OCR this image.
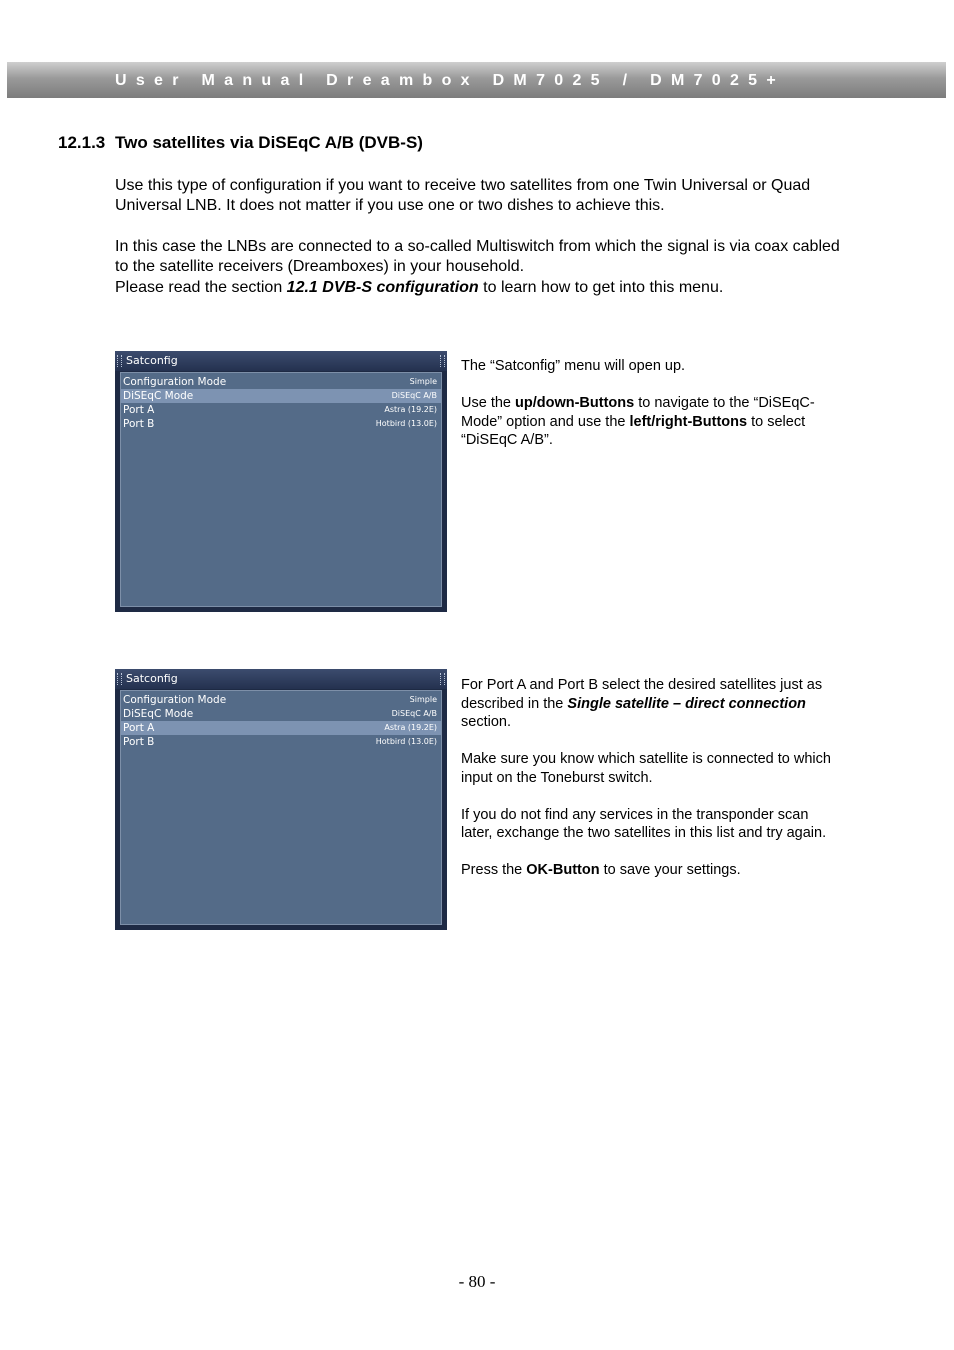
User Manual Dreambox DM7025 / DM7025+
12.1.3 Two satellites via DiSEqC A/B (DVB-S)

Use this type of configuration if you want to receive two satellites from one Twin Universal or Quad Universal LNB. It does not matter if you use one or two dishes to achieve this.

In this case the LNBs are connected to a so-called Multiswitch from which the signal is via coax cabled to the satellite receivers (Dreamboxes) in your household.

Please read the section 12.1 DVB-S configuration to learn how to get into this menu.

Satconfig
Configuration Mode	Simple
DiSEqC Mode	DiSEqC A/B
Port A	Astra (19.2E)
Port B	Hotbird (13.0E)

The “Satconfig” menu will open up.

Use the up/down-Buttons to navigate to the “DiSEqC-Mode” option and use the left/right-Buttons to select “DiSEqC A/B”.

Satconfig
Configuration Mode	Simple
DiSEqC Mode	DiSEqC A/B
Port A	Astra (19.2E)
Port B	Hotbird (13.0E)

For Port A and Port B select the desired satellites just as described in the Single satellite – direct connection section.

Make sure you know which satellite is connected to which input on the Toneburst switch.

If you do not find any services in the transponder scan later, exchange the two satellites in this list and try again.

Press the OK-Button to save your settings.

- 80 -
